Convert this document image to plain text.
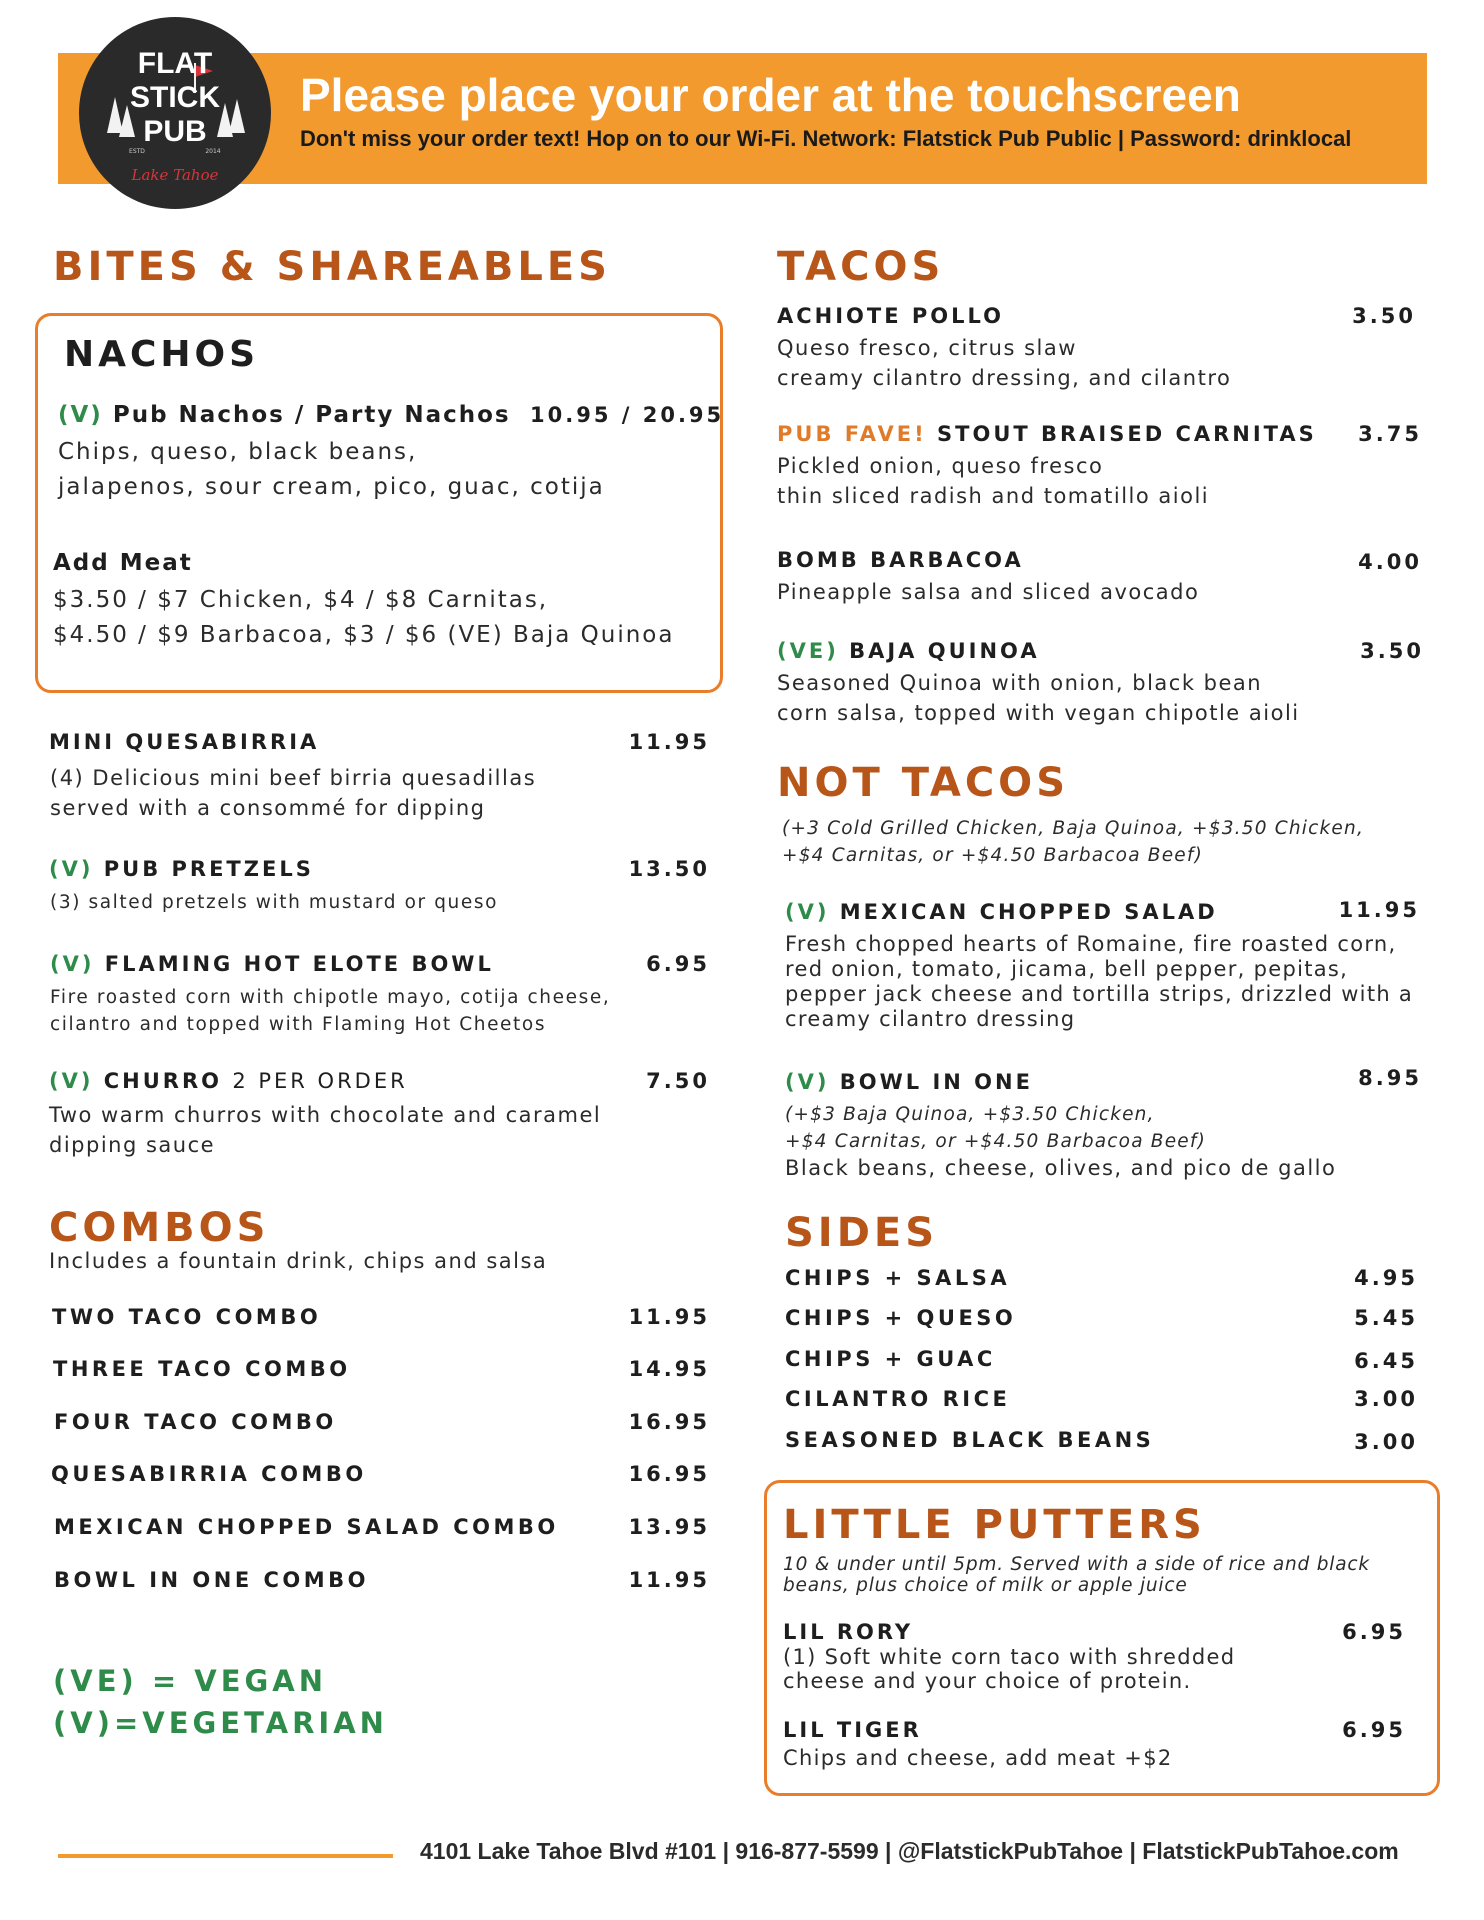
FLAT
STICK
PUB
ESTD	2014
Lake Tahoe
Please place your order at the touchscreen
Don't miss your order text! Hop on to our Wi-Fi. Network: Flatstick Pub Public | Password: drinklocal
BITES & SHAREABLES
NACHOS
(V) Pub Nachos / Party Nachos 10.95 / 20.95
Chips, queso, black beans,
jalapenos, sour cream, pico, guac, cotija
Add Meat
$3.50 / $7 Chicken, $4 / $8 Carnitas,
$4.50 / $9 Barbacoa, $3 / $6 (VE) Baja Quinoa
MINI QUESABIRRIA	11.95
(4) Delicious mini beef birria quesadillas
served with a consommé for dipping
(V) PUB PRETZELS	13.50
(3) salted pretzels with mustard or queso
(V) FLAMING HOT ELOTE BOWL	6.95
Fire roasted corn with chipotle mayo, cotija cheese,
cilantro and topped with Flaming Hot Cheetos
(V) CHURRO 2 PER ORDER	7.50
Two warm churros with chocolate and caramel
dipping sauce
COMBOS
Includes a fountain drink, chips and salsa
TWO TACO COMBO	11.95
THREE TACO COMBO	14.95
FOUR TACO COMBO	16.95
QUESABIRRIA COMBO	16.95
MEXICAN CHOPPED SALAD COMBO	13.95
BOWL IN ONE COMBO	11.95
(VE) = VEGAN
(V)=VEGETARIAN
TACOS
ACHIOTE POLLO	3.50
Queso fresco, citrus slaw
creamy cilantro dressing, and cilantro
PUB FAVE! STOUT BRAISED CARNITAS	3.75
Pickled onion, queso fresco
thin sliced radish and tomatillo aioli
BOMB BARBACOA	4.00
Pineapple salsa and sliced avocado
(VE) BAJA QUINOA	3.50
Seasoned Quinoa with onion, black bean
corn salsa, topped with vegan chipotle aioli
NOT TACOS
(+3 Cold Grilled Chicken, Baja Quinoa, +$3.50 Chicken,
+$4 Carnitas, or +$4.50 Barbacoa Beef)
(V) MEXICAN CHOPPED SALAD	11.95
Fresh chopped hearts of Romaine, fire roasted corn,
red onion, tomato, jicama, bell pepper, pepitas,
pepper jack cheese and tortilla strips, drizzled with a
creamy cilantro dressing
(V) BOWL IN ONE	8.95
(+$3 Baja Quinoa, +$3.50 Chicken,
+$4 Carnitas, or +$4.50 Barbacoa Beef)
Black beans, cheese, olives, and pico de gallo
SIDES
CHIPS + SALSA	4.95
CHIPS + QUESO	5.45
CHIPS + GUAC	6.45
CILANTRO RICE	3.00
SEASONED BLACK BEANS	3.00
LITTLE PUTTERS
10 & under until 5pm. Served with a side of rice and black
beans, plus choice of milk or apple juice
LIL RORY	6.95
(1) Soft white corn taco with shredded
cheese and your choice of protein.
LIL TIGER	6.95
Chips and cheese, add meat +$2
4101 Lake Tahoe Blvd #101 | 916-877-5599 | @FlatstickPubTahoe | FlatstickPubTahoe.com
